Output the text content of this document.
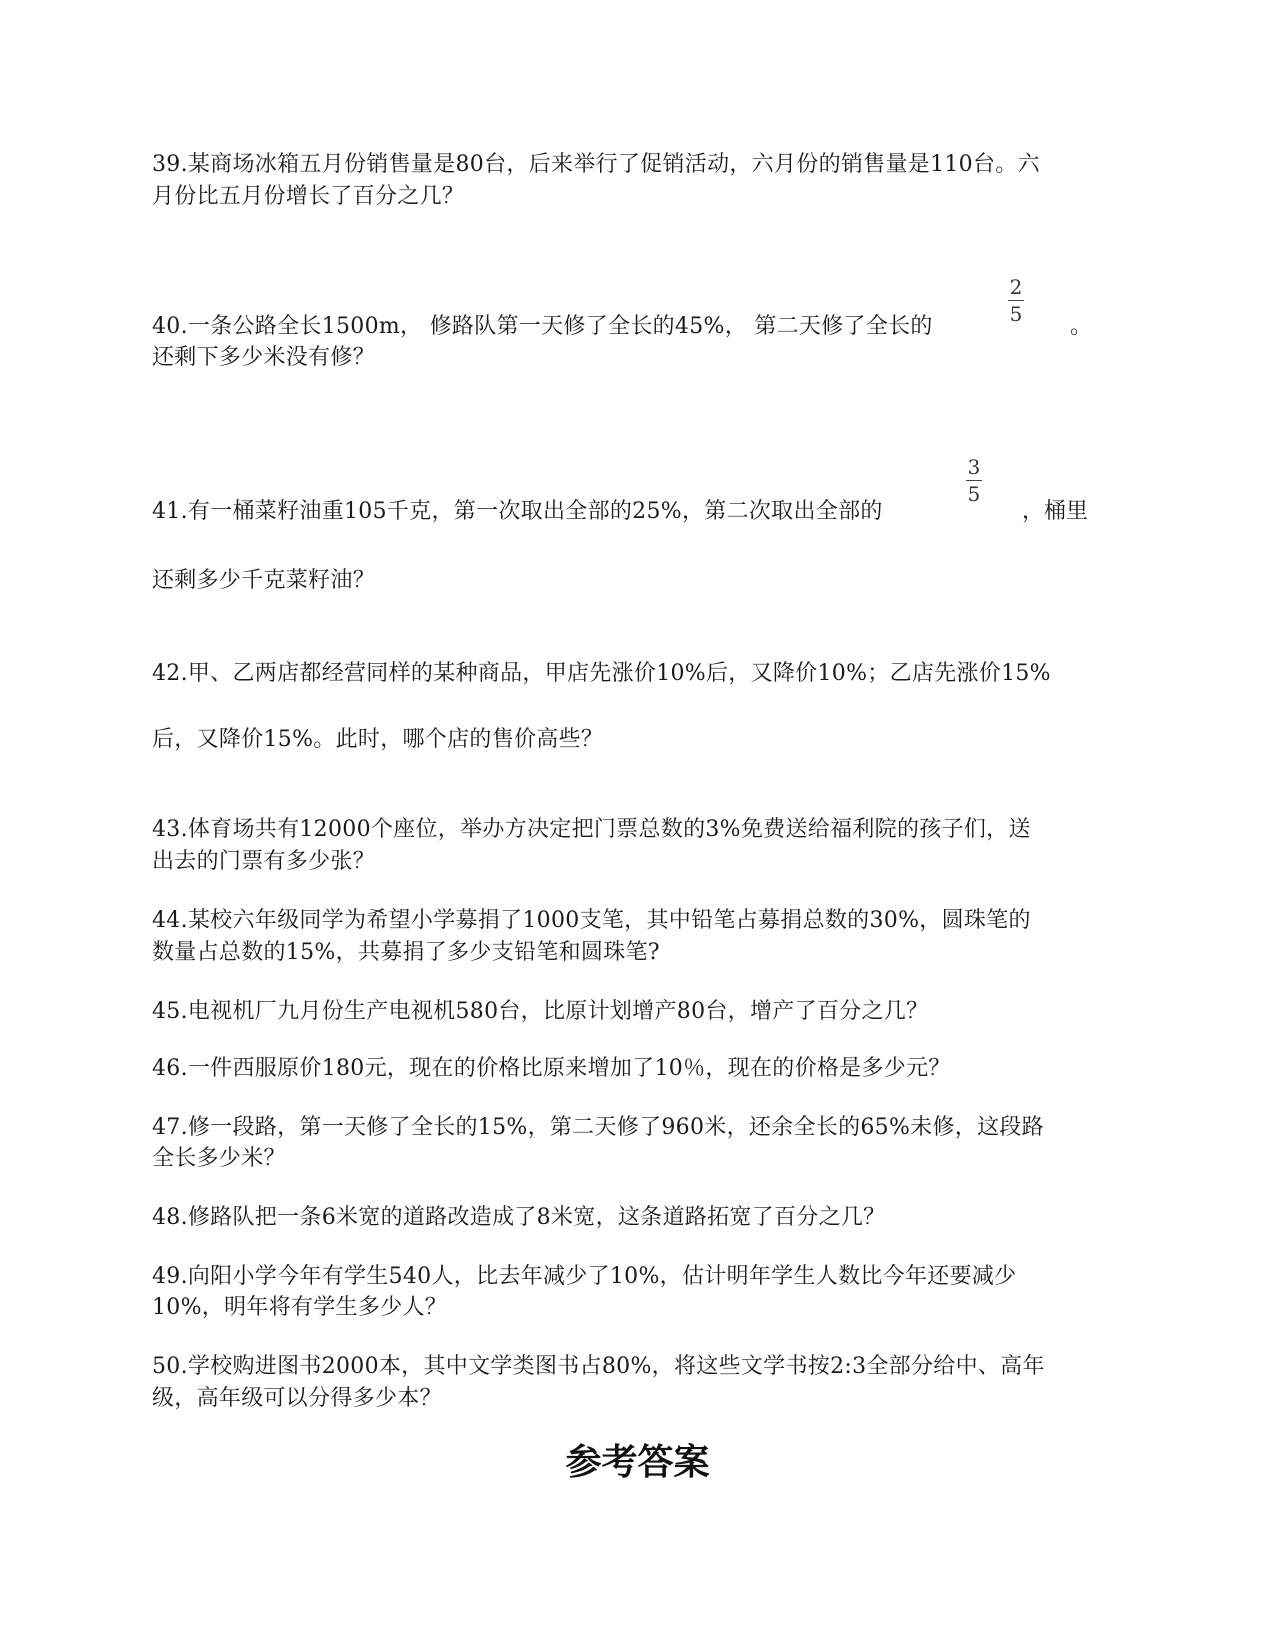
39.某商场冰箱五月份销售量是80台，后来举行了促销活动，六月份的销售量是110台。六
月份比五月份增长了百分之几？
40.一条公路全长1500m， 修路队第一天修了全长的45%， 第二天修了全长的
2
5 。
还剩下多少米没有修？
41.有一桶菜籽油重105千克，第一次取出全部的25%，第二次取出全部的
3
5
，桶里
还剩多少千克菜籽油？
42.甲、乙两店都经营同样的某种商品，甲店先涨价10%后，又降价10%；乙店先涨价15%
后，又降价15%。此时，哪个店的售价高些？
43.体育场共有12000个座位，举办方决定把门票总数的3%免费送给福利院的孩子们，送
出去的门票有多少张？
44.某校六年级同学为希望小学募捐了1000支笔，其中铅笔占募捐总数的30%，圆珠笔的
数量占总数的15%，共募捐了多少支铅笔和圆珠笔?
45.电视机厂九月份生产电视机580台，比原计划增产80台，增产了百分之几？
46.一件西服原价180元，现在的价格比原来增加了10％，现在的价格是多少元？
47.修一段路，第一天修了全长的15%，第二天修了960米，还余全长的65%未修，这段路
全长多少米？
48.修路队把一条6米宽的道路改造成了8米宽，这条道路拓宽了百分之几？
49.向阳小学今年有学生540人，比去年减少了10%，估计明年学生人数比今年还要减少
10%，明年将有学生多少人？
50.学校购进图书2000本，其中文学类图书占80%，将这些文学书按2:3全部分给中、高年
级，高年级可以分得多少本？
参考答案
